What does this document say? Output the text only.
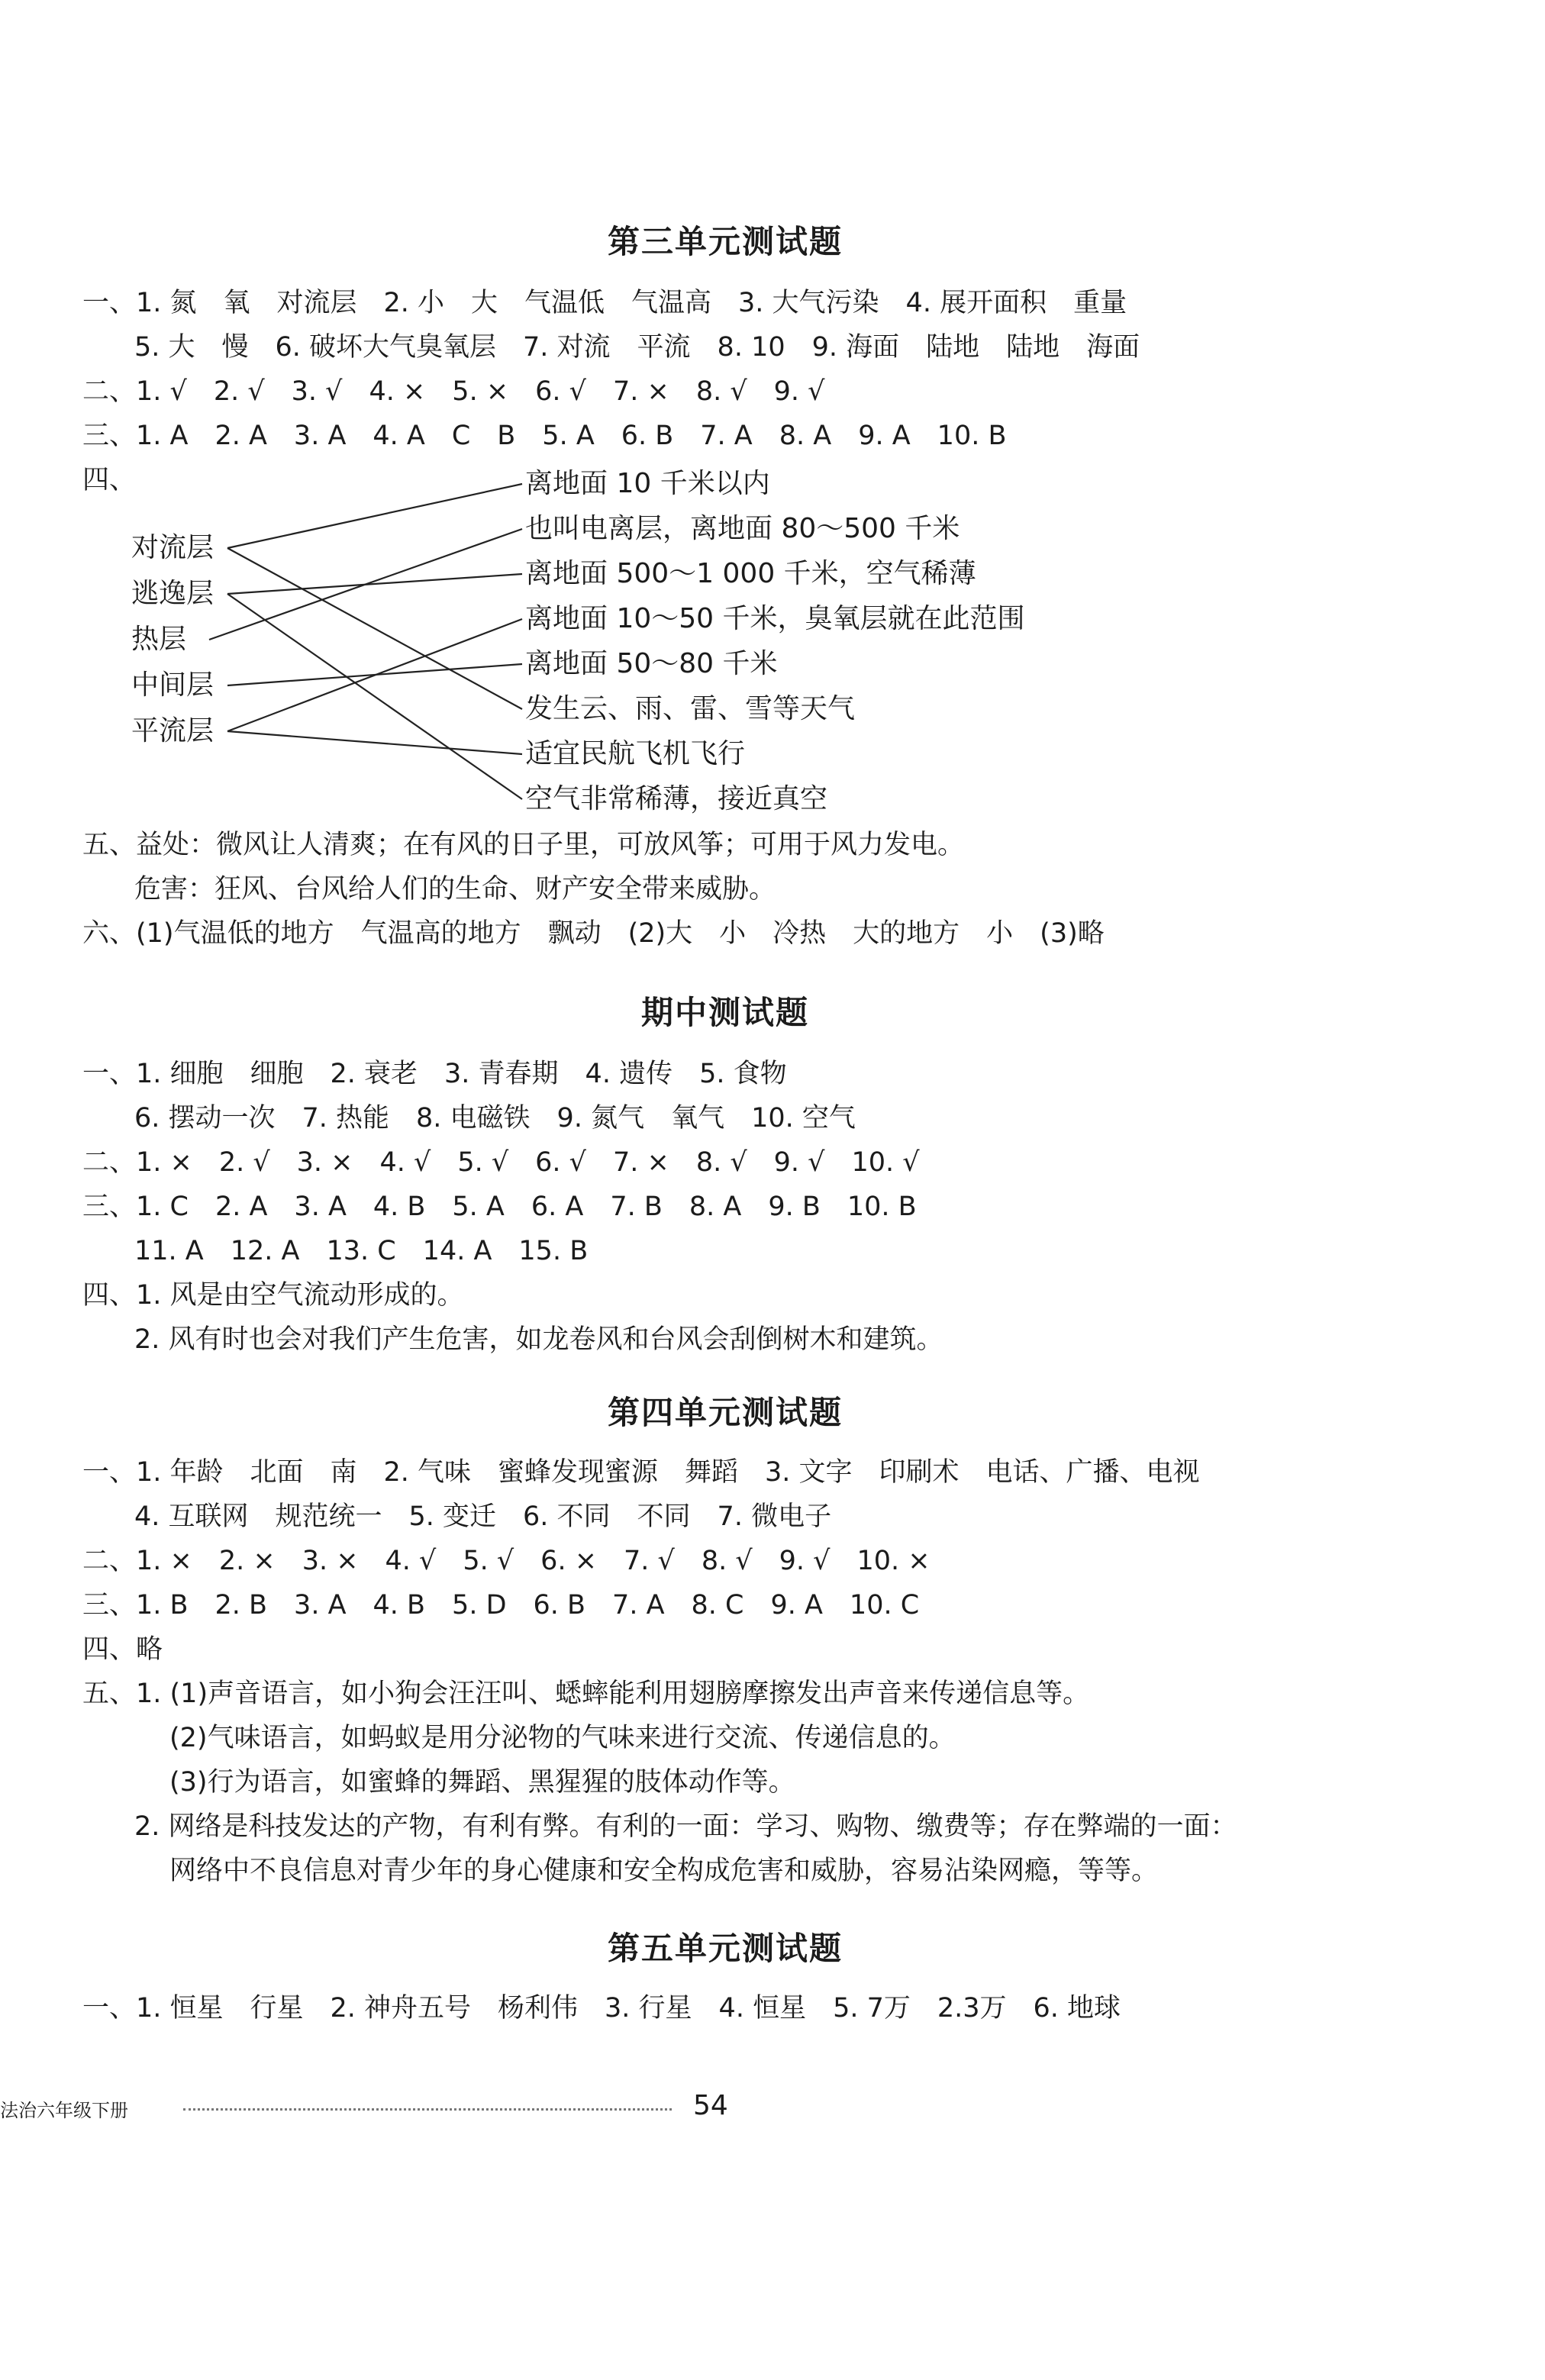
第三单元测试题
一、1. 氮　氧　对流层　2. 小　大　气温低　气温高　3. 大气污染　4. 展开面积　重量
5. 大　慢　6. 破坏大气臭氧层　7. 对流　平流　8. 10　9. 海面　陆地　陆地　海面
二、1. √　2. √　3. √　4. ×　5. ×　6. √　7. ×　8. √　9. √
三、1. A　2. A　3. A　4. A　C　B　5. A　6. B　7. A　8. A　9. A　10. B
四、
对流层
逃逸层
热层
中间层
平流层
离地面 10 千米以内
也叫电离层，离地面 80～500 千米
离地面 500～1 000 千米，空气稀薄
离地面 10～50 千米，臭氧层就在此范围
离地面 50～80 千米
发生云、雨、雷、雪等天气
适宜民航飞机飞行
空气非常稀薄，接近真空
五、益处：微风让人清爽；在有风的日子里，可放风筝；可用于风力发电。
危害：狂风、台风给人们的生命、财产安全带来威胁。
六、(1)气温低的地方　气温高的地方　飘动　(2)大　小　冷热　大的地方　小　(3)略
期中测试题
一、1. 细胞　细胞　2. 衰老　3. 青春期　4. 遗传　5. 食物
6. 摆动一次　7. 热能　8. 电磁铁　9. 氮气　氧气　10. 空气
二、1. ×　2. √　3. ×　4. √　5. √　6. √　7. ×　8. √　9. √　10. √
三、1. C　2. A　3. A　4. B　5. A　6. A　7. B　8. A　9. B　10. B
11. A　12. A　13. C　14. A　15. B
四、1. 风是由空气流动形成的。
2. 风有时也会对我们产生危害，如龙卷风和台风会刮倒树木和建筑。
第四单元测试题
一、1. 年龄　北面　南　2. 气味　蜜蜂发现蜜源　舞蹈　3. 文字　印刷术　电话、广播、电视
4. 互联网　规范统一　5. 变迁　6. 不同　不同　7. 微电子
二、1. ×　2. ×　3. ×　4. √　5. √　6. ×　7. √　8. √　9. √　10. ×
三、1. B　2. B　3. A　4. B　5. D　6. B　7. A　8. C　9. A　10. C
四、略
五、1. (1)声音语言，如小狗会汪汪叫、蟋蟀能利用翅膀摩擦发出声音来传递信息等。
(2)气味语言，如蚂蚁是用分泌物的气味来进行交流、传递信息的。
(3)行为语言，如蜜蜂的舞蹈、黑猩猩的肢体动作等。
2. 网络是科技发达的产物，有利有弊。有利的一面：学习、购物、缴费等；存在弊端的一面：
网络中不良信息对青少年的身心健康和安全构成危害和威胁，容易沾染网瘾，等等。
第五单元测试题
一、1. 恒星　行星　2. 神舟五号　杨利伟　3. 行星　4. 恒星　5. 7万　2.3万　6. 地球
法治六年级下册	54
